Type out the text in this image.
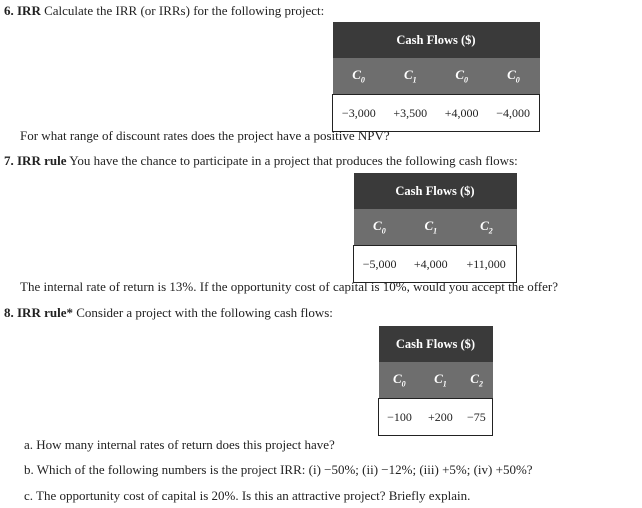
6. IRR Calculate the IRR (or IRRs) for the following project:
Cash Flows ($)			
$C_0$	$C_1$	$C_0$	$C_0$
−3,000	+3,500	+4,000	−4,000
For what range of discount rates does the project have a positive NPV?
7. IRR rule You have the chance to participate in a project that produces the following cash flows:
Cash Flows ($)		
$C_0$	$C_1$	$C_2$
−5,000	+4,000	+11,000
The internal rate of return is 13%. If the opportunity cost of capital is 10%, would you accept the offer?
8. IRR rule* Consider a project with the following cash flows:
Cash Flows ($)		
$C_0$	$C_1$	$C_2$
−100	+200	−75
a. How many internal rates of return does this project have?
b. Which of the following numbers is the project IRR: (i) −50%; (ii) −12%; (iii) +5%; (iv) +50%?
c. The opportunity cost of capital is 20%. Is this an attractive project? Briefly explain.
